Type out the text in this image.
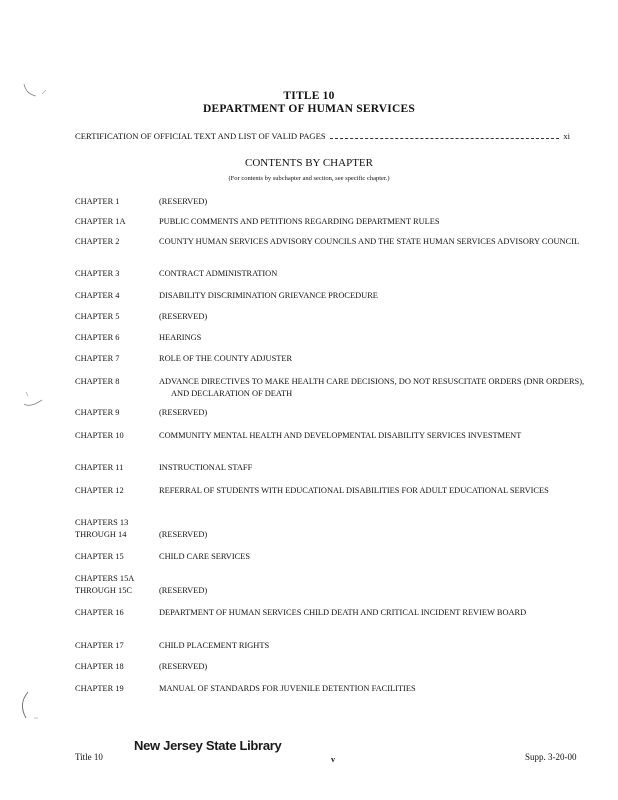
TITLE 10
DEPARTMENT OF HUMAN SERVICES
CERTIFICATION OF OFFICIAL TEXT AND LIST OF VALID PAGES	xi
CONTENTS BY CHAPTER
(For contents by subchapter and section, see specific chapter.)
CHAPTER 1	(RESERVED)
CHAPTER 1A	PUBLIC COMMENTS AND PETITIONS REGARDING DEPARTMENT RULES
CHAPTER 2	COUNTY HUMAN SERVICES ADVISORY COUNCILS AND THE STATE HUMAN SERVICES ADVISORY COUNCIL
CHAPTER 3	CONTRACT ADMINISTRATION
CHAPTER 4	DISABILITY DISCRIMINATION GRIEVANCE PROCEDURE
CHAPTER 5	(RESERVED)
CHAPTER 6	HEARINGS
CHAPTER 7	ROLE OF THE COUNTY ADJUSTER
CHAPTER 8	ADVANCE DIRECTIVES TO MAKE HEALTH CARE DECISIONS, DO NOT RESUSCITATE ORDERS (DNR ORDERS), AND DECLARATION OF DEATH
CHAPTER 9	(RESERVED)
CHAPTER 10	COMMUNITY MENTAL HEALTH AND DEVELOPMENTAL DISABILITY SERVICES INVESTMENT
CHAPTER 11	INSTRUCTIONAL STAFF
CHAPTER 12	REFERRAL OF STUDENTS WITH EDUCATIONAL DISABILITIES FOR ADULT EDUCATIONAL SERVICES
CHAPTERS 13
THROUGH 14	(RESERVED)
CHAPTER 15	CHILD CARE SERVICES
CHAPTERS 15A
THROUGH 15C	(RESERVED)
CHAPTER 16	DEPARTMENT OF HUMAN SERVICES CHILD DEATH AND CRITICAL INCIDENT REVIEW BOARD
CHAPTER 17	CHILD PLACEMENT RIGHTS
CHAPTER 18	(RESERVED)
CHAPTER 19	MANUAL OF STANDARDS FOR JUVENILE DETENTION FACILITIES
Title 10
New Jersey State Library
v	Supp. 3-20-00
